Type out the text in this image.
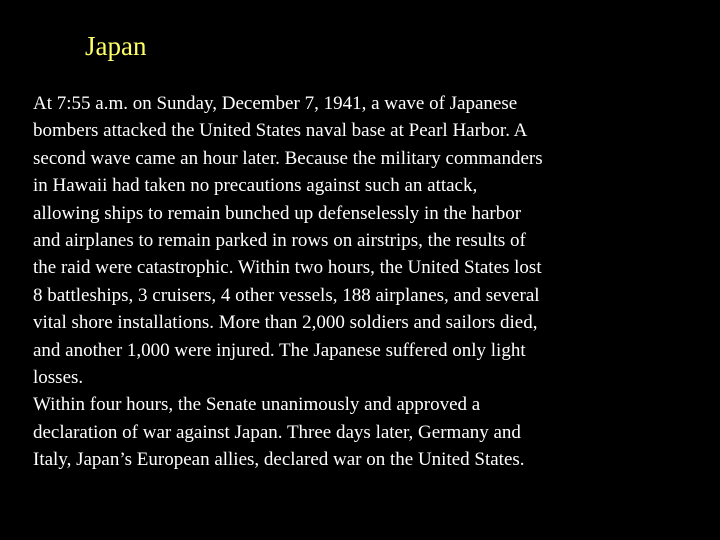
Japan
At 7:55 a.m. on Sunday, December 7, 1941, a wave of Japanese
bombers attacked the United States naval base at Pearl Harbor. A
second wave came an hour later. Because the military commanders
in Hawaii had taken no precautions against such an attack,
allowing ships to remain bunched up defenselessly in the harbor
and airplanes to remain parked in rows on airstrips, the results of
the raid were catastrophic. Within two hours, the United States lost
8 battleships, 3 cruisers, 4 other vessels, 188 airplanes, and several
vital shore installations. More than 2,000 soldiers and sailors died,
and another 1,000 were injured. The Japanese suffered only light
losses.
Within four hours, the Senate unanimously and approved a
declaration of war against Japan. Three days later, Germany and
Italy, Japan’s European allies, declared war on the United States.
